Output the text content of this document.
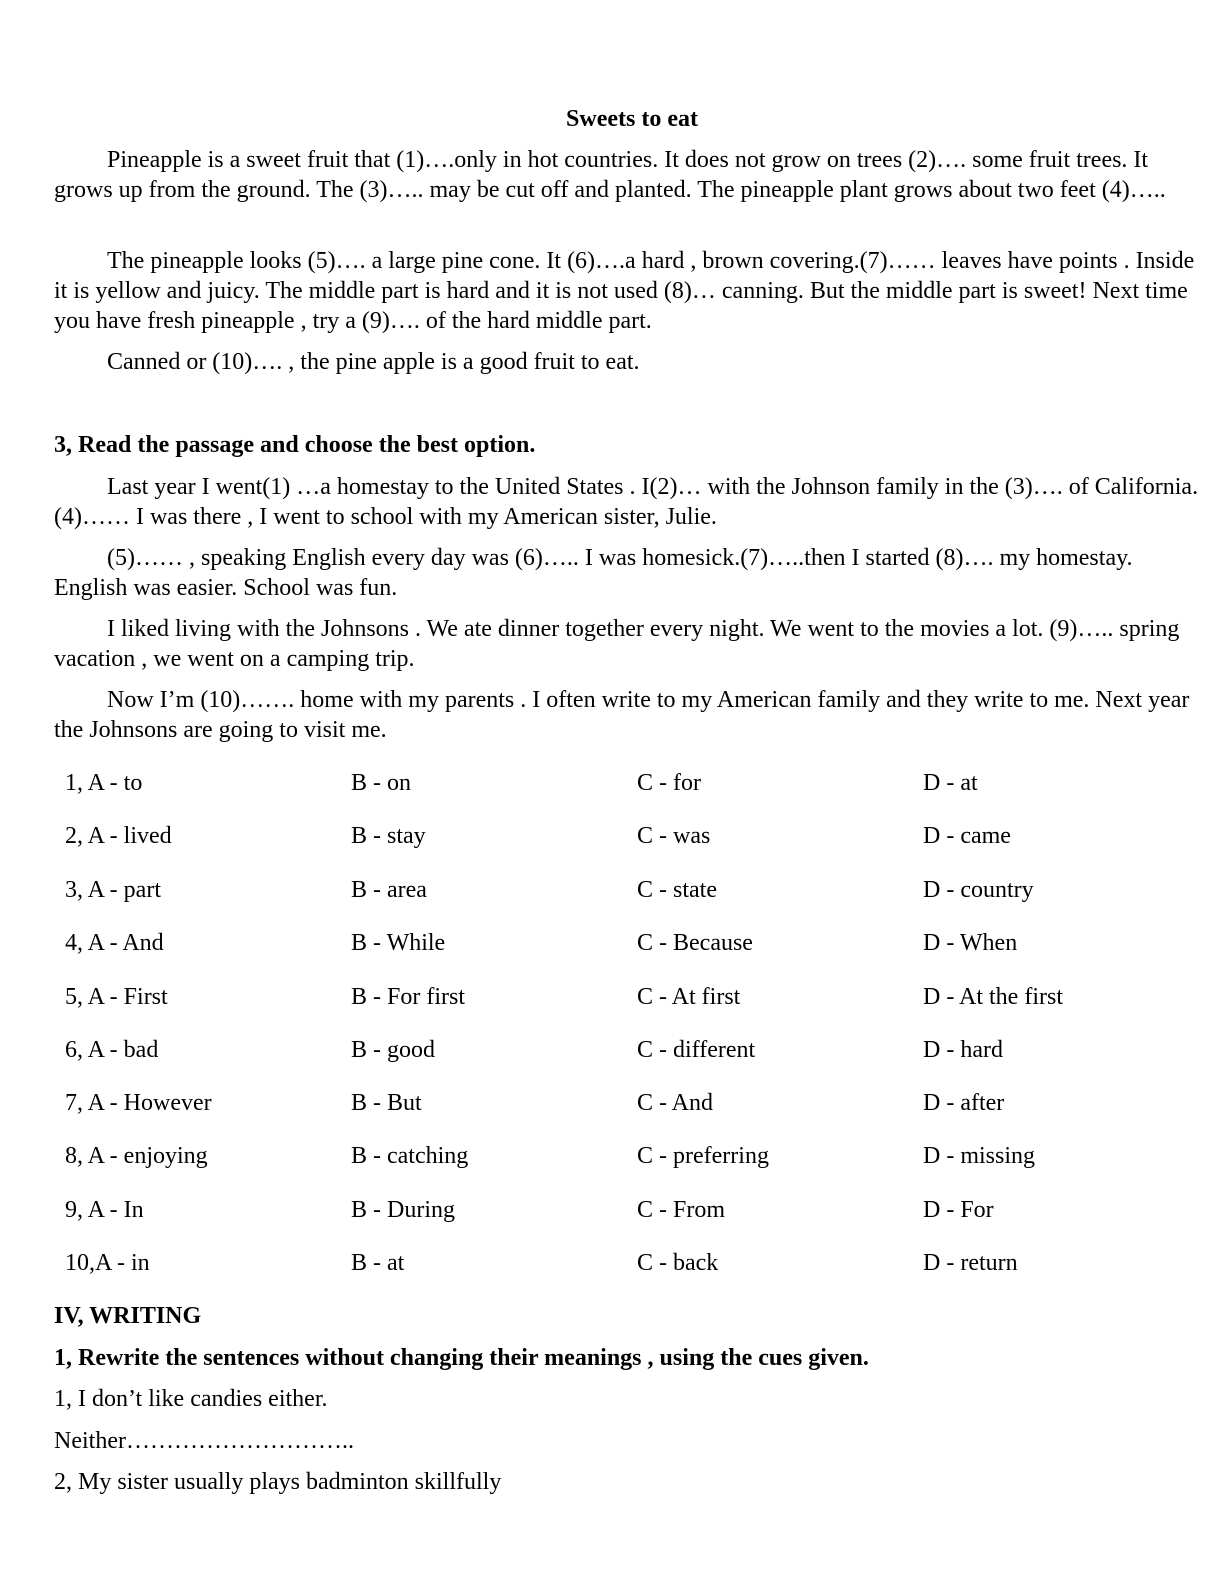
Sweets to eat

Pineapple is a sweet fruit that (1)….only in hot countries. It does not grow on trees (2)…. some fruit trees. It grows up from the ground. The (3)….. may be cut off and planted. The pineapple plant grows about two feet (4)…..

The pineapple looks (5)…. a large pine cone. It (6)….a hard , brown covering.(7)…… leaves have points . Inside it is yellow and juicy. The middle part is hard and it is not used (8)… canning. But the middle part is sweet! Next time you have fresh pineapple , try a (9)…. of the hard middle part.

Canned or (10)…. , the pine apple is a good fruit to eat.

3, Read the passage and choose the best option.

Last year I went(1) …a homestay to the United States . I(2)… with the Johnson family in the (3)…. of California.(4)…… I was there , I went to school with my American sister, Julie.

(5)…… , speaking English every day was (6)….. I was homesick.(7)…..then I started (8)…. my homestay. English was easier. School was fun.

I liked living with the Johnsons . We ate dinner together every night. We went to the movies a lot. (9)….. spring vacation , we went on a camping trip.

Now I’m (10)……. home with my parents . I often write to my American family and they write to me. Next year the Johnsons are going to visit me.

1, A - to	B - on	C - for	D - at
2, A - lived	B - stay	C - was	D - came
3, A - part	B - area	C - state	D - country
4, A - And	B - While	C - Because	D - When
5, A - First	B - For first	C - At first	D - At the first
6, A - bad	B - good	C - different	D - hard
7, A - However	B - But	C - And	D - after
8, A - enjoying	B - catching	C - preferring	D - missing
9, A - In	B - During	C - From	D - For
10,A - in	B - at	C - back	D - return
IV, WRITING
1, Rewrite the sentences without changing their meanings , using the cues given.
1, I don’t like candies either.
Neither………………………..
2, My sister usually plays badminton skillfully
